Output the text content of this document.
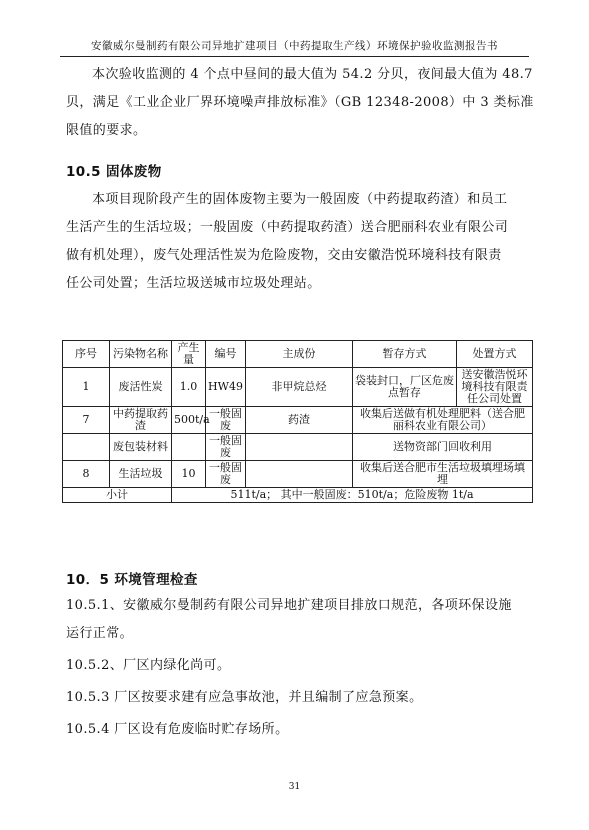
安徽威尔曼制药有限公司异地扩建项目（中药提取生产线）环境保护验收监测报告书
本次验收监测的 4 个点中昼间的最大值为 54.2 分贝，夜间最大值为 48.7
贝，满足《工业企业厂界环境噪声排放标准》（GB 12348-2008）中 3 类标准
限值的要求。
10.5 固体废物
本项目现阶段产生的固体废物主要为一般固废（中药提取药渣）和员工
生活产生的生活垃圾；一般固废（中药提取药渣）送合肥丽科农业有限公司
做有机处理），废气处理活性炭为危险废物，交由安徽浩悦环境科技有限责
任公司处置；生活垃圾送城市垃圾处理站。
序号	污染物名称	产生量	编号	主成份	暂存方式	处置方式
1	废活性炭	1.0	HW49	非甲烷总烃	袋装封口，厂区危废点暂存	送安徽浩悦环境科技有限责任公司处置
7	中药提取药渣	500t/a	一般固废	药渣	收集后送做有机处理肥料（送合肥丽科农业有限公司）	
	废包装材料		一般固废		送物资部门回收利用	
8	生活垃圾	10	一般固废		收集后送合肥市生活垃圾填埋场填埋	
小计		511t/a； 其中一般固废：510t/a；危险废物 1t/a				
10．5 环境管理检查
10.5.1、安徽威尔曼制药有限公司异地扩建项目排放口规范，各项环保设施
运行正常。
10.5.2、厂区内绿化尚可。
10.5.3 厂区按要求建有应急事故池，并且编制了应急预案。
10.5.4 厂区设有危废临时贮存场所。
31
